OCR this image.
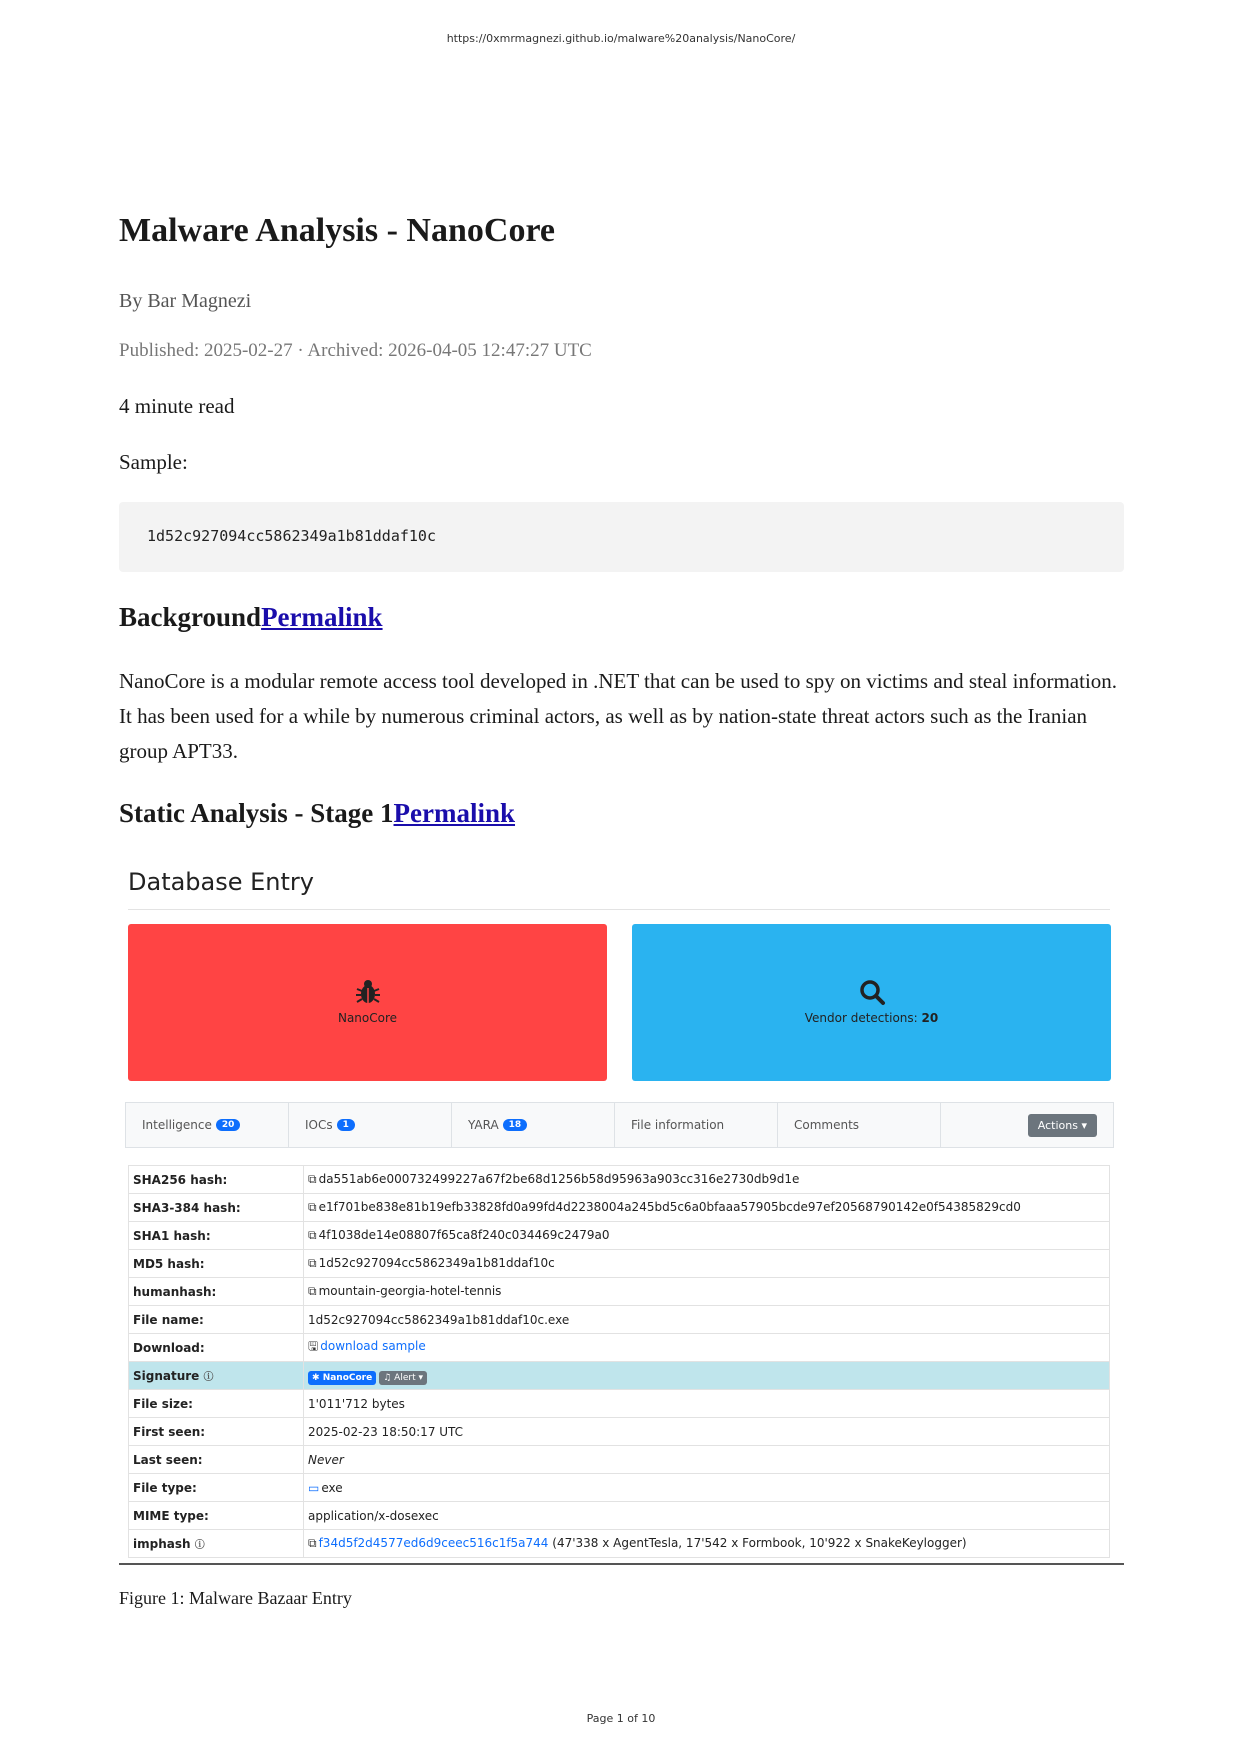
https://0xmrmagnezi.github.io/malware%20analysis/NanoCore/
Malware Analysis - NanoCore
By Bar Magnezi
Published: 2025-02-27 · Archived: 2026-04-05 12:47:27 UTC
4 minute read
Sample:
1d52c927094cc5862349a1b81ddaf10c
BackgroundPermalink
NanoCore is a modular remote access tool developed in .NET that can be used to spy on victims and steal information. It has been used for a while by numerous criminal actors, as well as by nation-state threat actors such as the Iranian group APT33.
Static Analysis - Stage 1Permalink
Database Entry
NanoCore	Vendor detections: 20
Intelligence	20	IOCs	1	YARA	18	File information	Comments	Actions ▾
SHA256 hash:	⧉ da551ab6e000732499227a67f2be68d1256b58d95963a903cc316e2730db9d1e
SHA3-384 hash:	⧉ e1f701be838e81b19efb33828fd0a99fd4d2238004a245bd5c6a0bfaaa57905bcde97ef20568790142e0f54385829cd0
SHA1 hash:	⧉ 4f1038de14e08807f65ca8f240c034469c2479a0
MD5 hash:	⧉ 1d52c927094cc5862349a1b81ddaf10c
humanhash:	⧉ mountain-georgia-hotel-tennis
File name:	1d52c927094cc5862349a1b81ddaf10c.exe
Download:	🖫 download sample
Signature ⓘ	✱ NanoCore ♫ Alert ▾
File size:	1'011'712 bytes
First seen:	2025-02-23 18:50:17 UTC
Last seen:	Never
File type:	▭ exe
MIME type:	application/x-dosexec
imphash ⓘ	⧉ f34d5f2d4577ed6d9ceec516c1f5a744 (47'338 x AgentTesla, 17'542 x Formbook, 10'922 x SnakeKeylogger)
Figure 1: Malware Bazaar Entry
Page 1 of 10
